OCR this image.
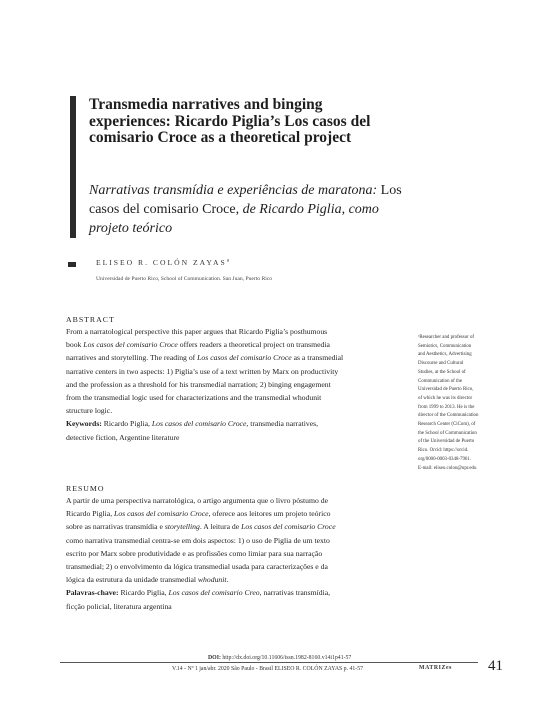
Transmedia narratives and binging experiences: Ricardo Piglia’s Los casos del comisario Croce as a theoretical project
Narrativas transmídia e experiências de maratona: Los casos del comisario Croce, de Ricardo Piglia, como projeto teórico
ELISEO R. COLÓN ZAYAS$^a$
Universidad de Puerto Rico, School of Communication. San Juan, Puerto Rico
ABSTRACT
From a narratological perspective this paper argues that Ricardo Piglia’s posthumous
book Los casos del comisario Croce offers readers a theoretical project on transmedia
narratives and storytelling. The reading of Los casos del comisario Croce as a transmedial
narrative centers in two aspects: 1) Piglia’s use of a text written by Marx on productivity
and the profession as a threshold for his transmedial narration; 2) binging engagement
from the transmedial logic used for characterizations and the transmedial whodunit
structure logic.
Keywords: Ricardo Piglia, Los casos del comisario Croce, transmedia narratives,
detective fiction, Argentine literature
RESUMO
A partir de uma perspectiva narratológica, o artigo argumenta que o livro póstumo de
Ricardo Piglia, Los casos del comisario Croce, oferece aos leitores um projeto teórico
sobre as narrativas transmídia e storytelling. A leitura de Los casos del comisario Croce
como narrativa transmedial centra-se em dois aspectos: 1) o uso de Piglia de um texto
escrito por Marx sobre produtividade e as profissões como limiar para sua narração
transmedial; 2) o envolvimento da lógica transmedial usada para caracterizações e da
lógica da estrutura da unidade transmedial whodunit.
Palavras-chave: Ricardo Piglia, Los casos del comisario Creo, narrativas transmídia,
ficção policial, literatura argentina
ᵃResearcher and professor of
Semiotics, Communication
and Aesthetics, Advertising
Discourse and Cultural
Studies, at the School of
Communication of the
Universidad de Puerto Rico,
of which he was its director
from 1999 to 2013. He is the
director of the Communication
Research Center (CiCom), of
the School of Communication
of the Universidad de Puerto
Rico. Orcid: https://orcid.
org/0000-0003-0348-7961.
E-mail: eliseo.colon@upr.edu
DOI: http://dx.doi.org/10.11606/issn.1982-8160.v14i1p41-57
V.14 - Nº 1 jan/abr. 2020 São Paulo - Brasil ELISEO R. COLÓN ZAYAS p. 41-57	MATRIZes 41
